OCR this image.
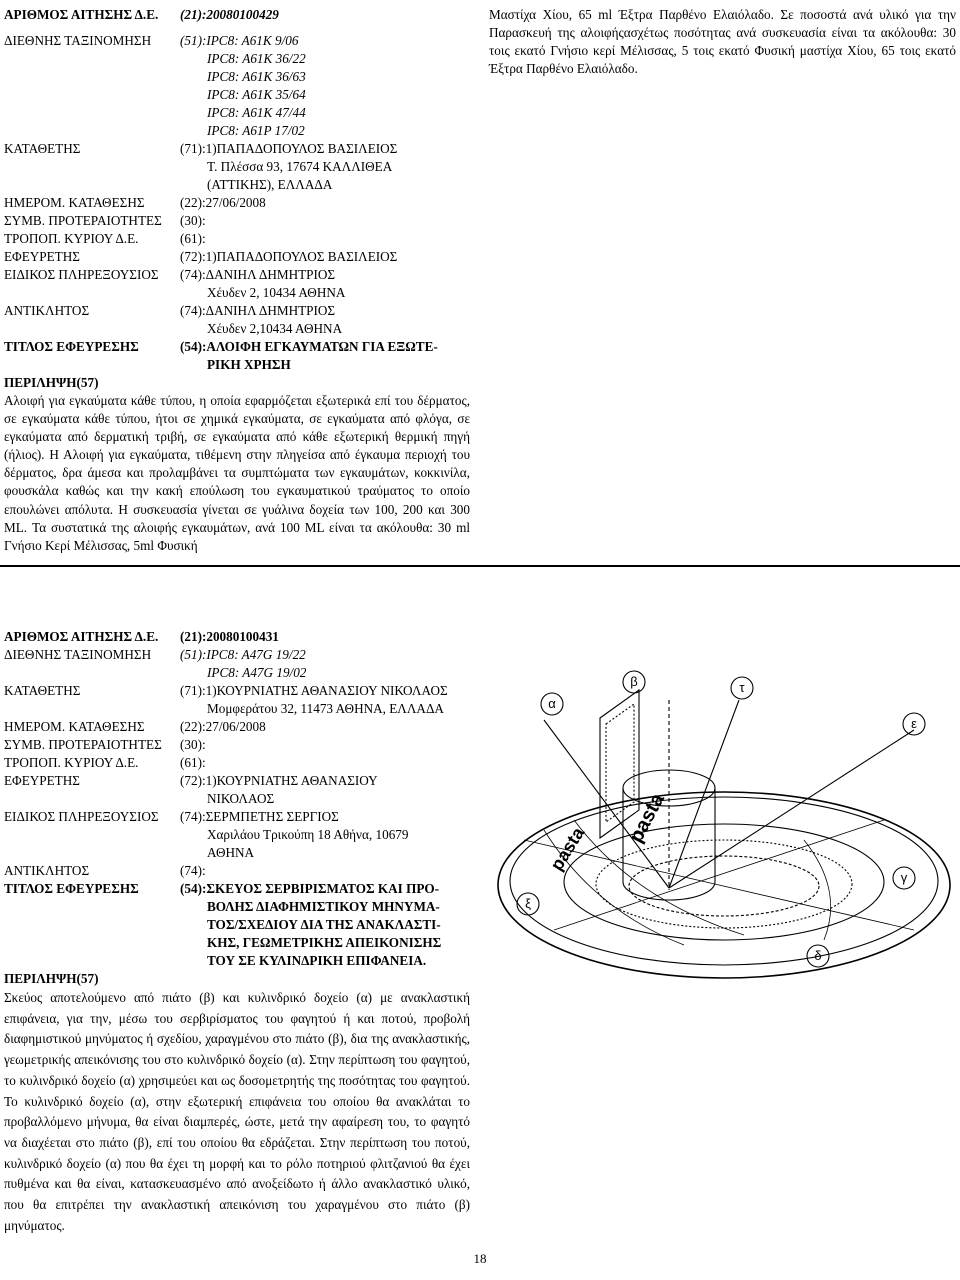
ΑΡΙΘΜΟΣ ΑΙΤΗΣΗΣ Δ.Ε. (21):20080100429
ΔΙΕΘΝΗΣ ΤΑΞΙΝΟΜΗΣΗ (51):IPC8: A61K 9/06
IPC8: A61K 36/22
IPC8: A61K 36/63
IPC8: A61K 35/64
IPC8: A61K 47/44
IPC8: A61P 17/02
ΚΑΤΑΘΕΤΗΣ	(71):1)ΠΑΠΑΔΟΠΟΥΛΟΣ ΒΑΣΙΛΕΙΟΣ
Τ. Πλέσσα 93, 17674 ΚΑΛΛΙΘΕΑ
(ΑΤΤΙΚΗΣ), ΕΛΛΑΔΑ
ΗΜΕΡΟΜ. ΚΑΤΑΘΕΣΗΣ	(22):27/06/2008
ΣΥΜΒ. ΠΡΟΤΕΡΑΙΟΤΗΤΕΣ (30):
ΤΡΟΠΟΠ. ΚΥΡΙΟΥ Δ.Ε.	(61):
ΕΦΕΥΡΕΤΗΣ	(72):1)ΠΑΠΑΔΟΠΟΥΛΟΣ ΒΑΣΙΛΕΙΟΣ
ΕΙΔΙΚΟΣ ΠΛΗΡΕΞΟΥΣΙΟΣ (74):ΔΑΝΙΗΛ ΔΗΜΗΤΡΙΟΣ
Χέυδεν 2, 10434 ΑΘΗΝΑ
ΑΝΤΙΚΛΗΤΟΣ	(74):ΔΑΝΙΗΛ ΔΗΜΗΤΡΙΟΣ
Χέυδεν 2,10434 ΑΘΗΝΑ
ΤΙΤΛΟΣ ΕΦΕΥΡΕΣΗΣ	(54):ΑΛΟΙΦΗ ΕΓΚΑΥΜΑΤΩΝ ΓΙΑ ΕΞΩΤΕ-
ΡΙΚΗ ΧΡΗΣΗ
ΠΕΡΙΛΗΨΗ(57)
Αλοιφή για εγκαύματα κάθε τύπου, η οποία εφαρμόζεται εξωτερικά επί του δέρματος, σε εγκαύματα κάθε τύπου, ήτοι σε χημικά εγκαύματα, σε εγκαύματα από φλόγα, σε εγκαύματα από δερματική τριβή, σε εγκαύματα από κάθε εξωτερική θερμική πηγή (ήλιος). Η Αλοιφή για εγκαύματα, τιθέμενη στην πληγείσα από έγκαυμα περιοχή του δέρματος, δρα άμεσα και προλαμβάνει τα συμπτώματα των εγκαυμάτων, κοκκινίλα, φουσκάλα καθώς και την κακή επούλωση του εγκαυματικού τραύματος το οποίο επουλώνει απόλυτα. Η συσκευασία γίνεται σε γυάλινα δοχεία των 100, 200 και 300 ML. Τα συστατικά της αλοιφής εγκαυμάτων, ανά 100 ML είναι τα ακόλουθα: 30 ml Γνήσιο Κερί Μέλισσας, 5ml Φυσική
Μαστίχα Χίου, 65 ml Έξτρα Παρθένο Ελαιόλαδο. Σε ποσοστά ανά υλικό για την Παρασκευή της αλοιφήςασχέτως ποσότητας ανά συσκευασία είναι τα ακόλουθα: 30 τοις εκατό Γνήσιο κερί Μέλισσας, 5 τοις εκατό Φυσική μαστίχα Χίου, 65 τοις εκατό Έξτρα Παρθένο Ελαιόλαδο.
ΑΡΙΘΜΟΣ ΑΙΤΗΣΗΣ Δ.Ε. (21):20080100431
ΔΙΕΘΝΗΣ ΤΑΞΙΝΟΜΗΣΗ (51):IPC8: A47G 19/22
IPC8: A47G 19/02
ΚΑΤΑΘΕΤΗΣ	(71):1)ΚΟΥΡΝΙΑΤΗΣ ΑΘΑΝΑΣΙΟΥ ΝΙΚΟΛΑΟΣ
Μομφεράτου 32, 11473 ΑΘΗΝΑ, ΕΛΛΑΔΑ
ΗΜΕΡΟΜ. ΚΑΤΑΘΕΣΗΣ	(22):27/06/2008
ΣΥΜΒ. ΠΡΟΤΕΡΑΙΟΤΗΤΕΣ (30):
ΤΡΟΠΟΠ. ΚΥΡΙΟΥ Δ.Ε.	(61):
ΕΦΕΥΡΕΤΗΣ	(72):1)ΚΟΥΡΝΙΑΤΗΣ ΑΘΑΝΑΣΙΟΥ
ΝΙΚΟΛΑΟΣ
ΕΙΔΙΚΟΣ ΠΛΗΡΕΞΟΥΣΙΟΣ (74):ΣΕΡΜΠΕΤΗΣ ΣΕΡΓΙΟΣ
Χαριλάου Τρικούπη 18 Αθήνα, 10679
ΑΘΗΝΑ
ΑΝΤΙΚΛΗΤΟΣ	(74):
ΤΙΤΛΟΣ ΕΦΕΥΡΕΣΗΣ	(54):ΣΚΕΥΟΣ ΣΕΡΒΙΡΙΣΜΑΤΟΣ ΚΑΙ ΠΡΟ-
ΒΟΛΗΣ ΔΙΑΦΗΜΙΣΤΙΚΟΥ ΜΗΝΥΜΑ-
ΤΟΣ/ΣΧΕΔΙΟΥ ΔΙΑ ΤΗΣ ΑΝΑΚΛΑΣΤΙ-
ΚΗΣ, ΓΕΩΜΕΤΡΙΚΗΣ ΑΠΕΙΚΟΝΙΣΗΣ
ΤΟΥ ΣΕ ΚΥΛΙΝΔΡΙΚΗ ΕΠΙΦΑΝΕΙΑ.
ΠΕΡΙΛΗΨΗ(57)
Σκεύος αποτελούμενο από πιάτο (β) και κυλινδρικό δοχείο (α) με ανακλαστική επιφάνεια, για την, μέσω του σερβιρίσματος του φαγητού ή και ποτού, προβολή διαφημιστικού μηνύματος ή σχεδίου, χαραγμένου στο πιάτο (β), δια της ανακλαστικής, γεωμετρικής απεικόνισης του στο κυλινδρικό δοχείο (α). Στην περίπτωση του φαγητού, το κυλινδρικό δοχείο (α) χρησιμεύει και ως δοσομετρητής της ποσότητας του φαγητού. Το κυλινδρικό δοχείο (α), στην εξωτερική επιφάνεια του οποίου θα ανακλάται το προβαλλόμενο μήνυμα, θα είναι διαμπερές, ώστε, μετά την αφαίρεση του, το φαγητό να διαχέεται στο πιάτο (β), επί του οποίου θα εδράζεται. Στην περίπτωση του ποτού, κυλινδρικό δοχείο (α) που θα έχει τη μορφή και το ρόλο ποτηριού φλιτζανιού θα έχει πυθμένα και θα είναι, κατασκευασμένο από ανοξείδωτο ή άλλο ανακλαστικό υλικό, που θα επιτρέπει την ανακλαστική απεικόνιση του χαραγμένου στο πιάτο (β) μηνύματος.
α
β	τ
ξ
ε
δ
γ
pasta
pasta
18
